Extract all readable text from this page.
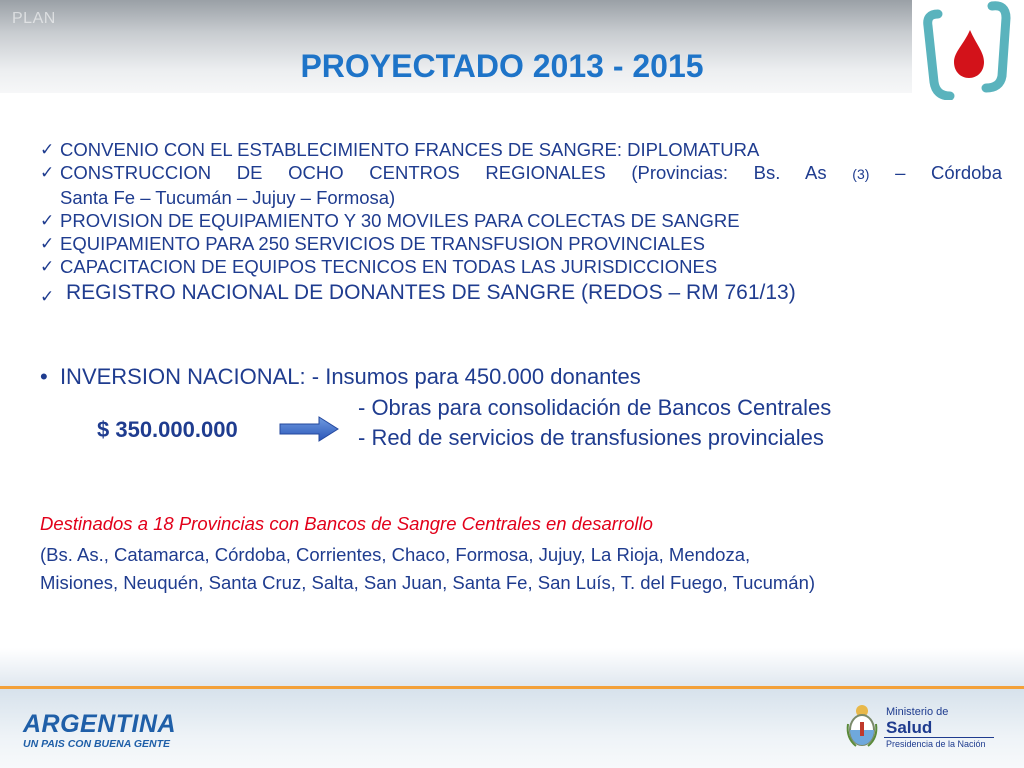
PLAN
PROYECTADO 2013 - 2015
✓ CONVENIO CON EL ESTABLECIMIENTO FRANCES DE SANGRE: DIPLOMATURA
✓ CONSTRUCCION DE OCHO CENTROS REGIONALES (Provincias: Bs. As (3) – Córdoba
Santa Fe – Tucumán – Jujuy – Formosa)
✓ PROVISION DE EQUIPAMIENTO Y 30 MOVILES PARA COLECTAS DE SANGRE
✓ EQUIPAMIENTO PARA 250 SERVICIOS DE TRANSFUSION PROVINCIALES
✓ CAPACITACION DE EQUIPOS TECNICOS EN TODAS LAS JURISDICCIONES
✓ REGISTRO NACIONAL DE DONANTES DE SANGRE (REDOS – RM 761/13)
• INVERSION NACIONAL: - Insumos para 450.000 donantes
$ 350.000.000
- Obras para consolidación de Bancos Centrales
- Red de servicios de transfusiones provinciales
Destinados a 18 Provincias con Bancos de Sangre Centrales en desarrollo
(Bs. As., Catamarca, Córdoba, Corrientes, Chaco, Formosa, Jujuy, La Rioja, Mendoza,
Misiones, Neuquén, Santa Cruz, Salta, San Juan, Santa Fe, San Luís, T. del Fuego, Tucumán)
ARGENTINA
UN PAIS CON BUENA GENTE
Ministerio de
Salud
Presidencia de la Nación
